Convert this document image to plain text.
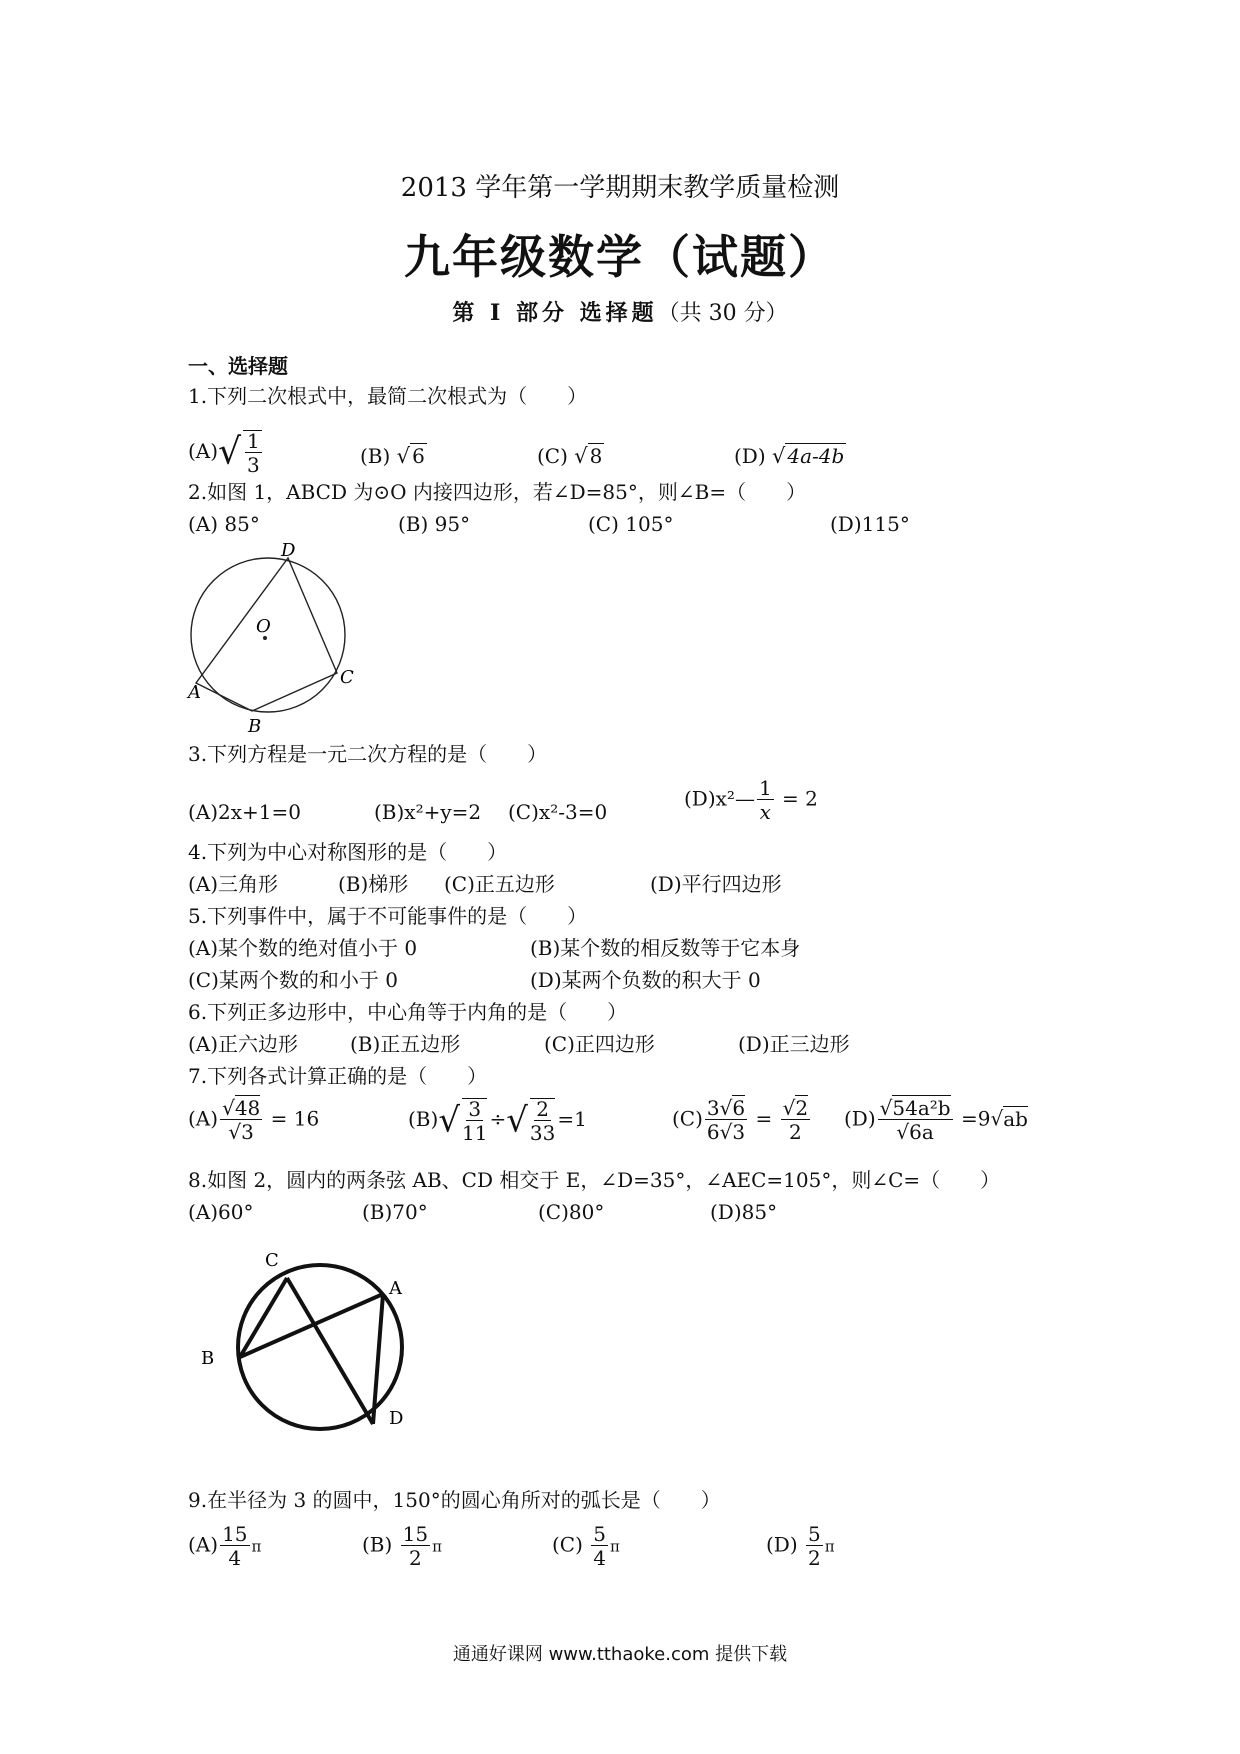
2013 学年第一学期期末教学质量检测
九年级数学（试题）
第 I 部分 选择题（共 30 分）
一、选择题
1.下列二次根式中，最简二次根式为（　　）
$(A)√ \frac{1}{3}$	(B) √ 6	(C) √ 8	(D) √ 4a-4b
2.如图 1，ABCD 为⊙O 内接四边形，若∠D=85°，则∠B=（　　）
(A) 85°	(B) 95°	(C) 105°	(D)115°
D
O
A
C
B
3.下列方程是一元二次方程的是（　　）
(A)2x+1=0	(B)x²+y=2 (C)x²-3=0
(D)x²— $\frac{1}{x} = 2$
4.下列为中心对称图形的是（　　）
(A)三角形	(B)梯形 (C)正五边形	(D)平行四边形
5.下列事件中，属于不可能事件的是（　　）
(A)某个数的绝对值小于 0	(B)某个数的相反数等于它本身
(C)某两个数的和小于 0	(D)某两个负数的积大于 0
6.下列正多边形中，中心角等于内角的是（　　）
(A)正六边形	(B)正五边形	(C)正四边形	(D)正三边形
7.下列各式计算正确的是（　　）
$(A) \frac{√48}{√3} = 16$	$(B)√ \frac{3}{11}$ ÷√ $\frac{2}{33} =1$	$(C) \frac{3√6}{6√3} = \frac{√2}{2} (D) \frac{\text{√54a²b}}{√6a} =9√ab$
8.如图 2，圆内的两条弦 AB、CD 相交于 E，∠D=35°，∠AEC=105°，则∠C=（　　）
(A)60°	(B)70°	(C)80°	(D)85°
C
A
B
D
9.在半径为 3 的圆中，150°的圆心角所对的弧长是（　　）
$(A) \frac{15}{4}$ π	$(B) \frac{15}{2}$ π	$(C) \frac{5}{4}$ π	$(D) \frac{5}{2}$ π
通通好课网 www.tthaoke.com 提供下载
